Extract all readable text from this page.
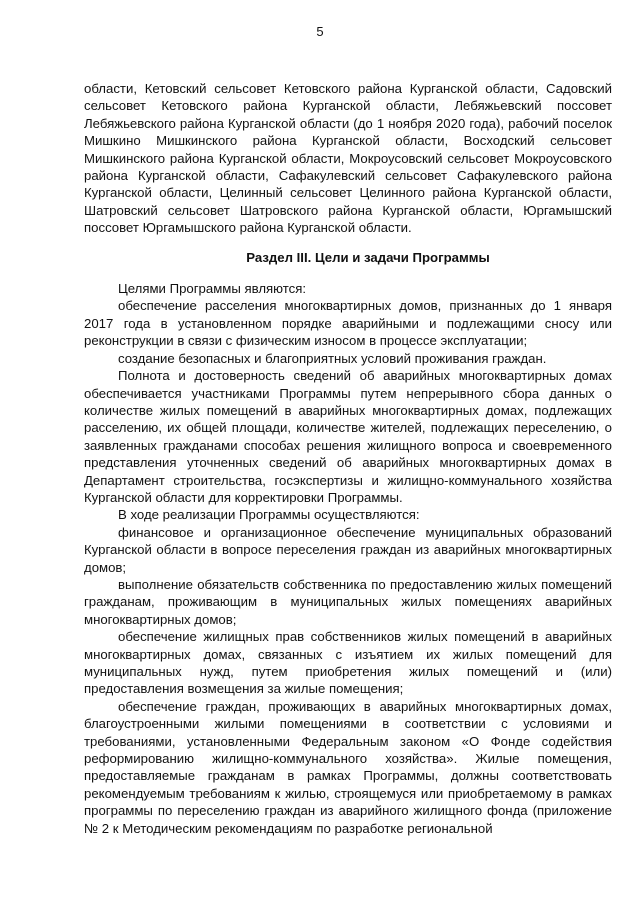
5

области, Кетовский сельсовет Кетовского района Курганской области, Садовский сельсовет Кетовского района Курганской области, Лебяжьевский поссовет Лебяжьевского района Курганской области (до 1 ноября 2020 года), рабочий поселок Мишкино Мишкинского района Курганской области, Восходский сельсовет Мишкинского района Курганской области, Мокроусовский сельсовет Мокроусовского района Курганской области, Сафакулевский сельсовет Сафакулевского района Курганской области, Целинный сельсовет Целинного района Курганской области, Шатровский сельсовет Шатровского района Курганской области, Юргамышский поссовет Юргамышского района Курганской области.

Раздел III. Цели и задачи Программы

Целями Программы являются:

обеспечение расселения многоквартирных домов, признанных до 1 января 2017 года в установленном порядке аварийными и подлежащими сносу или реконструкции в связи с физическим износом в процессе эксплуатации;

создание безопасных и благоприятных условий проживания граждан.

Полнота и достоверность сведений об аварийных многоквартирных домах обеспечивается участниками Программы путем непрерывного сбора данных о количестве жилых помещений в аварийных многоквартирных домах, подлежащих расселению, их общей площади, количестве жителей, подлежащих переселению, о заявленных гражданами способах решения жилищного вопроса и своевременного представления уточненных сведений об аварийных многоквартирных домах в Департамент строительства, госэкспертизы и жилищно-коммунального хозяйства Курганской области для корректировки Программы.

В ходе реализации Программы осуществляются:

финансовое и организационное обеспечение муниципальных образований Курганской области в вопросе переселения граждан из аварийных многоквартирных домов;

выполнение обязательств собственника по предоставлению жилых помещений гражданам, проживающим в муниципальных жилых помещениях аварийных многоквартирных домов;

обеспечение жилищных прав собственников жилых помещений в аварийных многоквартирных домах, связанных с изъятием их жилых помещений для муниципальных нужд, путем приобретения жилых помещений и (или) предоставления возмещения за жилые помещения;

обеспечение граждан, проживающих в аварийных многоквартирных домах, благоустроенными жилыми помещениями в соответствии с условиями и требованиями, установленными Федеральным законом «О Фонде содействия реформированию жилищно-коммунального хозяйства». Жилые помещения, предоставляемые гражданам в рамках Программы, должны соответствовать рекомендуемым требованиям к жилью, строящемуся или приобретаемому в рамках программы по переселению граждан из аварийного жилищного фонда (приложение № 2 к Методическим рекомендациям по разработке региональной
